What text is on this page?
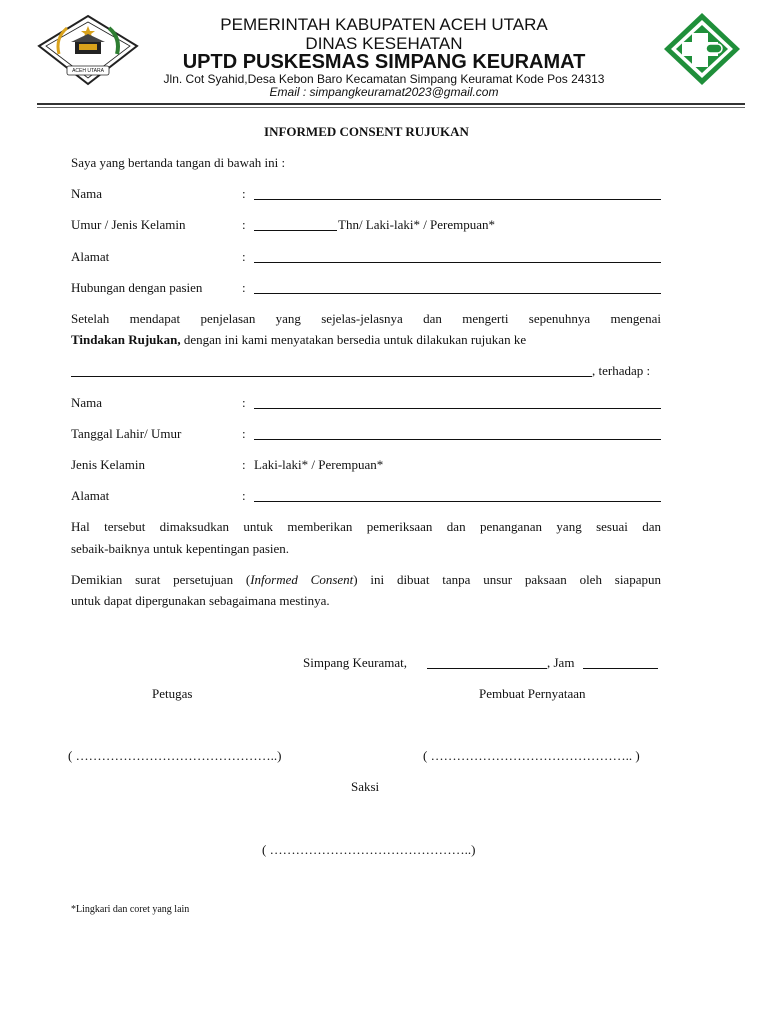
ACEH UTARA
PEMERINTAH KABUPATEN ACEH UTARA
DINAS KESEHATAN
UPTD PUSKESMAS SIMPANG KEURAMAT
Jln. Cot Syahid,Desa Kebon Baro Kecamatan Simpang Keuramat Kode Pos 24313
Email : simpangkeuramat2023@gmail.com
INFORMED CONSENT RUJUKAN
Saya yang bertanda tangan di bawah ini :
Nama	:
Umur / Jenis Kelamin	:	Thn/ Laki-laki* / Perempuan*
Alamat	:
Hubungan dengan pasien	:
Setelah mendapat penjelasan yang sejelas-jelasnya dan mengerti sepenuhnya mengenai
Tindakan Rujukan, dengan ini kami menyatakan bersedia untuk dilakukan rujukan ke
, terhadap :
Nama	:
Tanggal Lahir/ Umur	:
Jenis Kelamin	: Laki-laki* / Perempuan*
Alamat	:
Hal tersebut dimaksudkan untuk memberikan pemeriksaan dan penanganan yang sesuai dan
sebaik-baiknya untuk kepentingan pasien.
Demikian surat persetujuan (Informed Consent) ini dibuat tanpa unsur paksaan oleh siapapun
untuk dapat dipergunakan sebagaimana mestinya.
Simpang Keuramat,	, Jam
Petugas	Pembuat Pernyataan
( ………………………………………..)	( ……………………………………….. )
Saksi
( ………………………………………..)
*Lingkari dan coret yang lain
